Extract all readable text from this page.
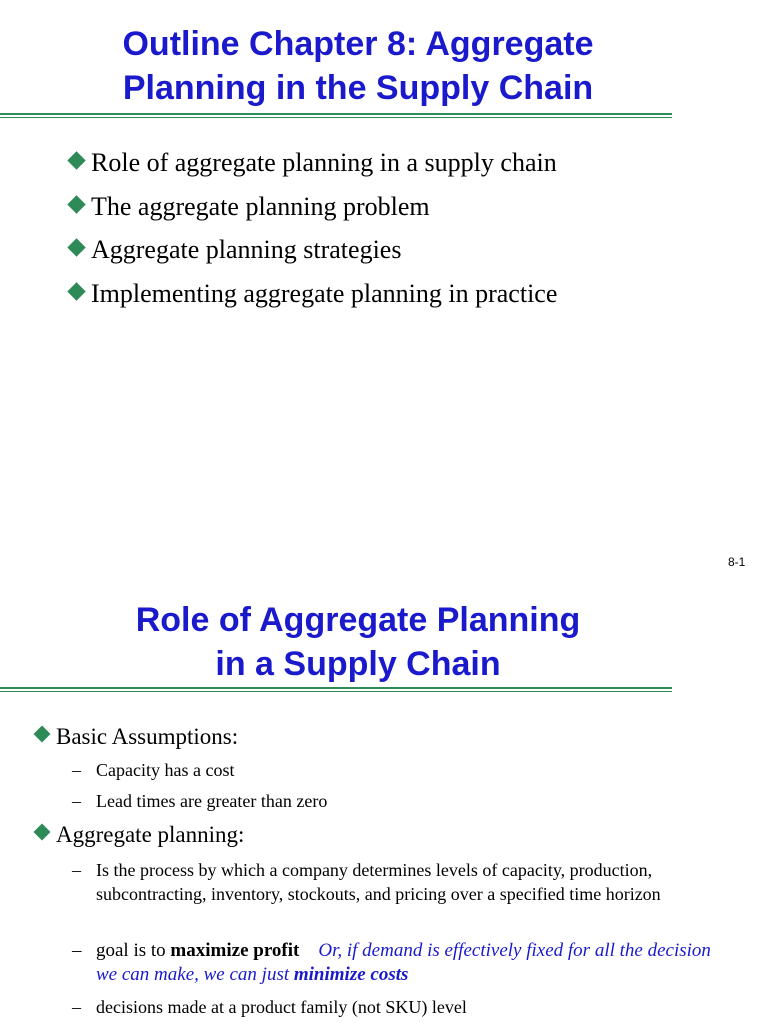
Outline Chapter 8: Aggregate
Planning in the Supply Chain
Role of aggregate planning in a supply chain
The aggregate planning problem
Aggregate planning strategies
Implementing aggregate planning in practice
8-1
Role of Aggregate Planning
in a Supply Chain
Basic Assumptions:
– Capacity has a cost
– Lead times are greater than zero
Aggregate planning:
– Is the process by which a company determines levels of capacity, production, subcontracting, inventory, stockouts, and pricing over a specified time horizon
– goal is to maximize profit Or, if demand is effectively fixed for all the decision we can make, we can just minimize costs
– decisions made at a product family (not SKU) level
